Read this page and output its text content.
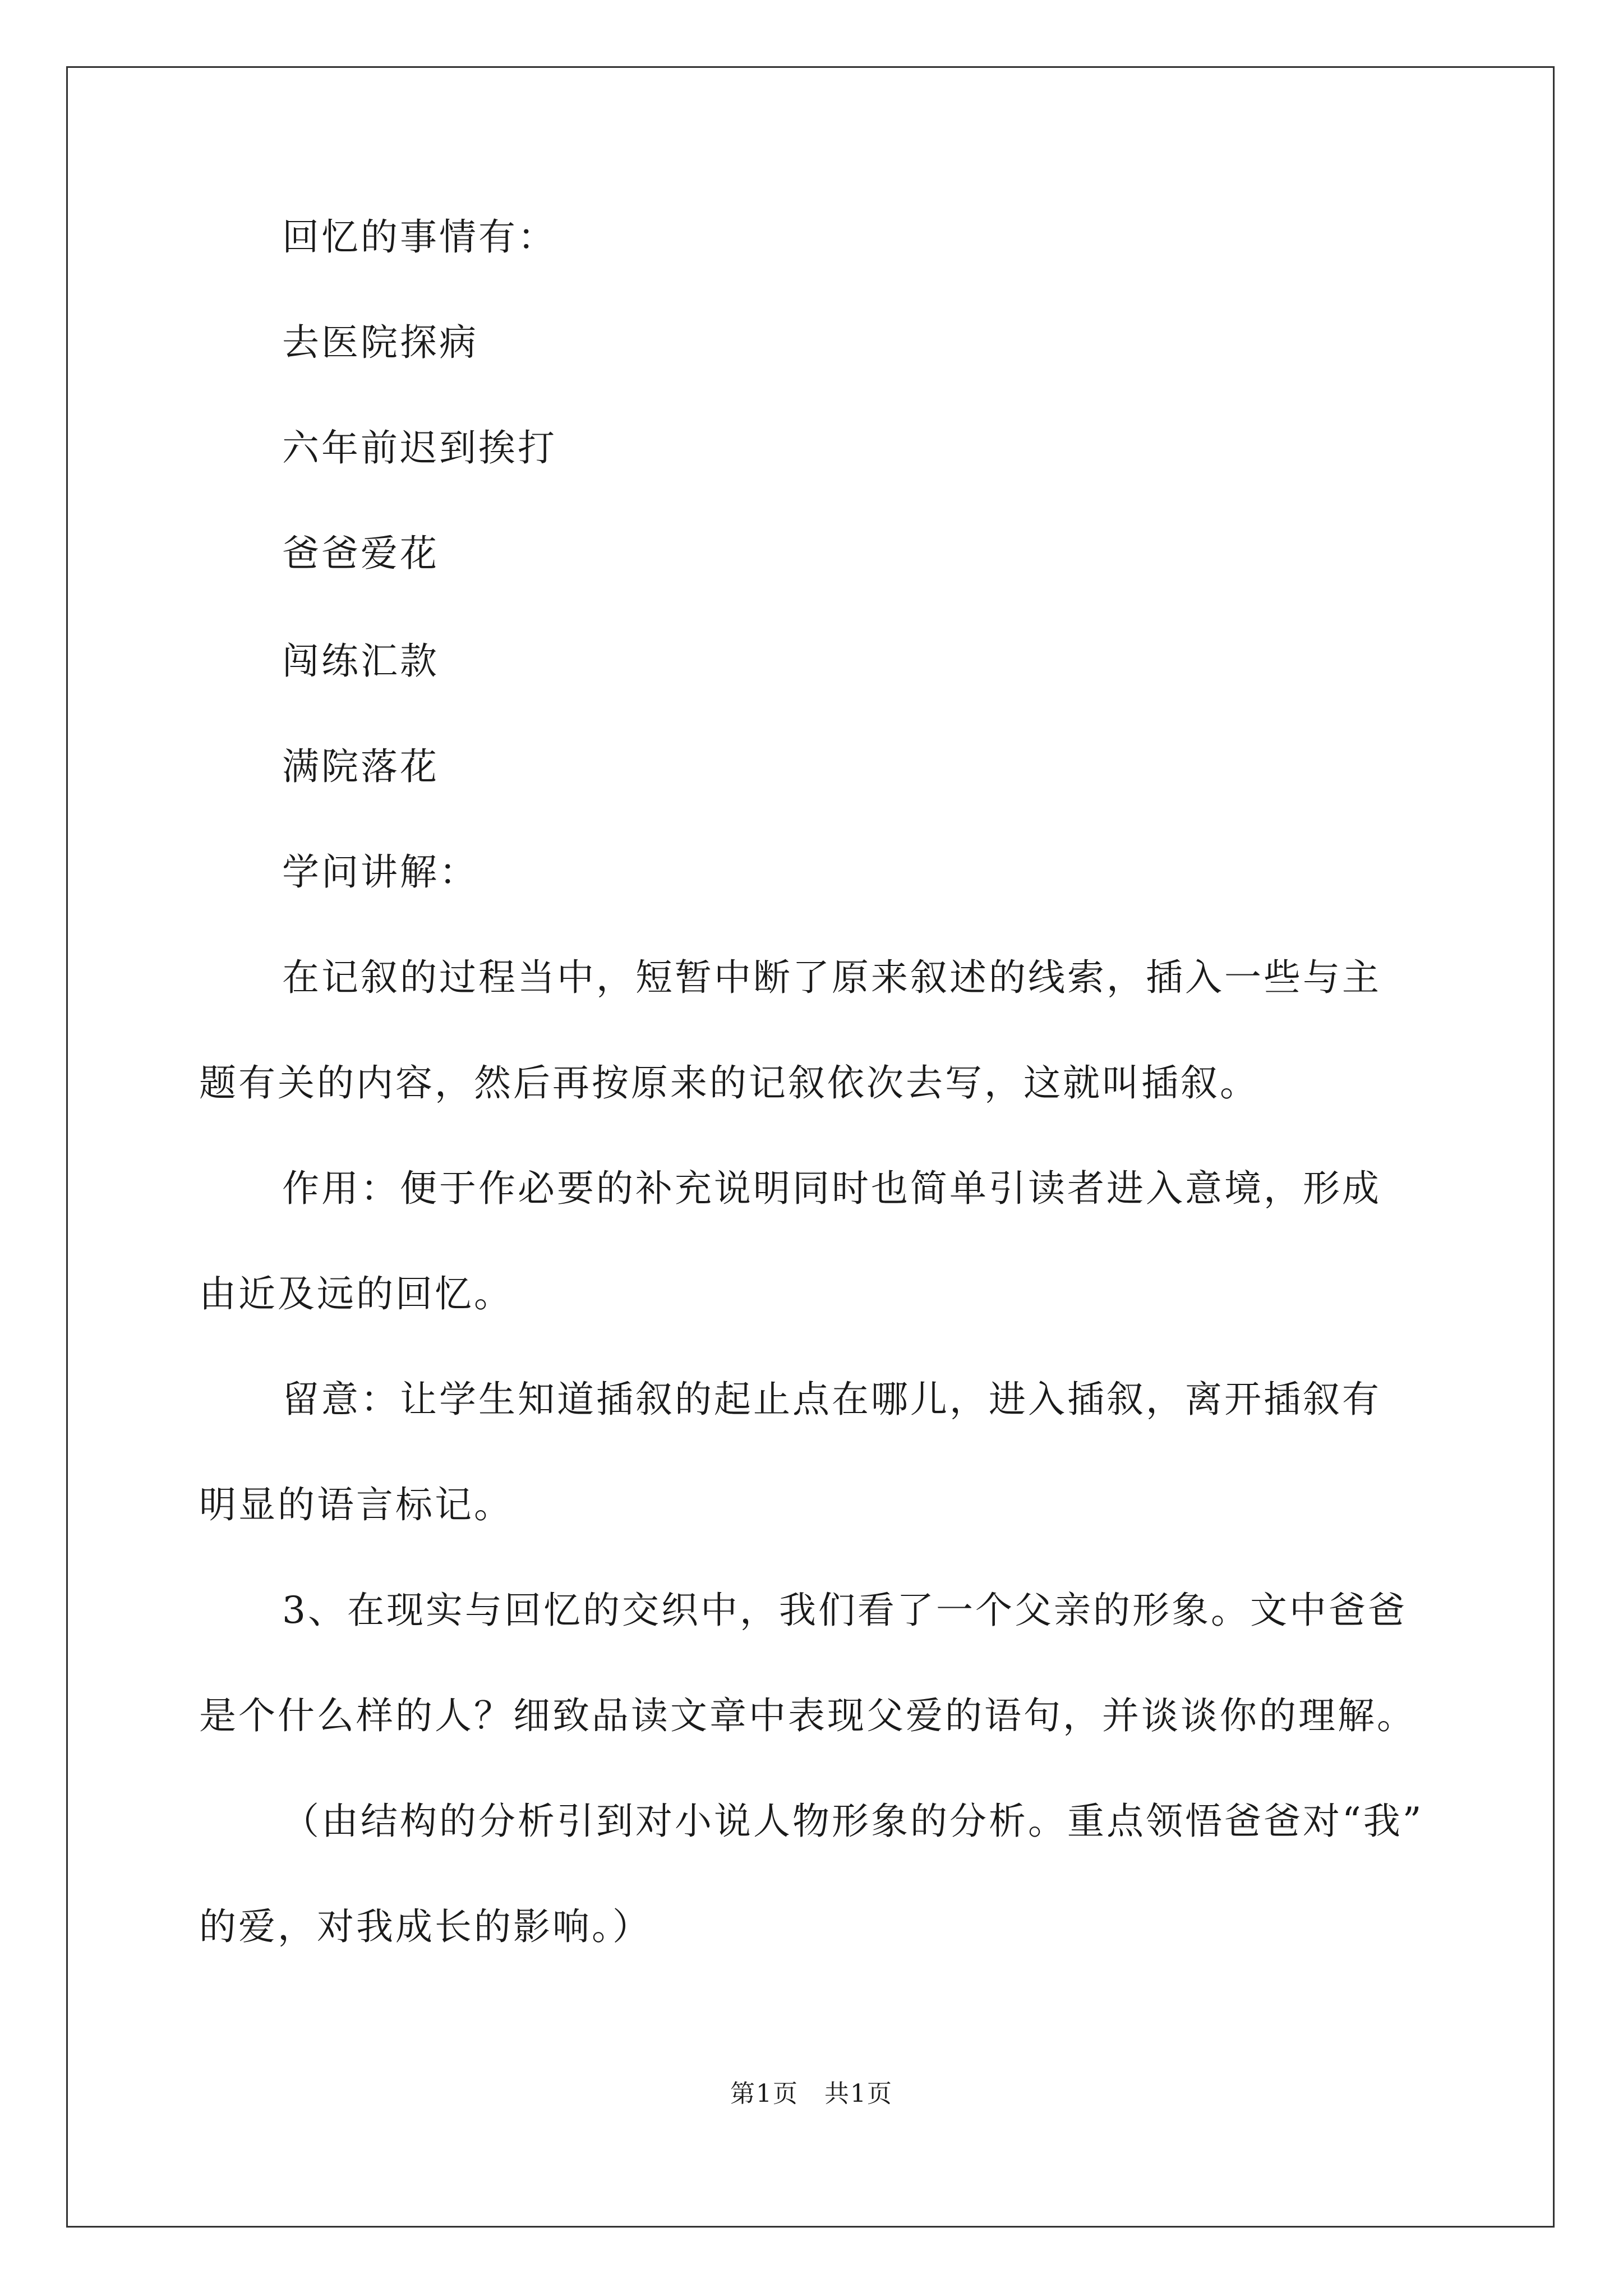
回忆的事情有：
去医院探病
六年前迟到挨打
爸爸爱花
闯练汇款
满院落花
学问讲解：
在记叙的过程当中，短暂中断了原来叙述的线索，插入一些与主
题有关的内容，然后再按原来的记叙依次去写，这就叫插叙。
作用：便于作必要的补充说明同时也简单引读者进入意境，形成
由近及远的回忆。
留意：让学生知道插叙的起止点在哪儿，进入插叙，离开插叙有
明显的语言标记。
3、在现实与回忆的交织中，我们看了一个父亲的形象。文中爸爸
是个什么样的人？细致品读文章中表现父爱的语句，并谈谈你的理解。
（由结构的分析引到对小说人物形象的分析。重点领悟爸爸对“我”
的爱，对我成长的影响。）
第1页　共1页
